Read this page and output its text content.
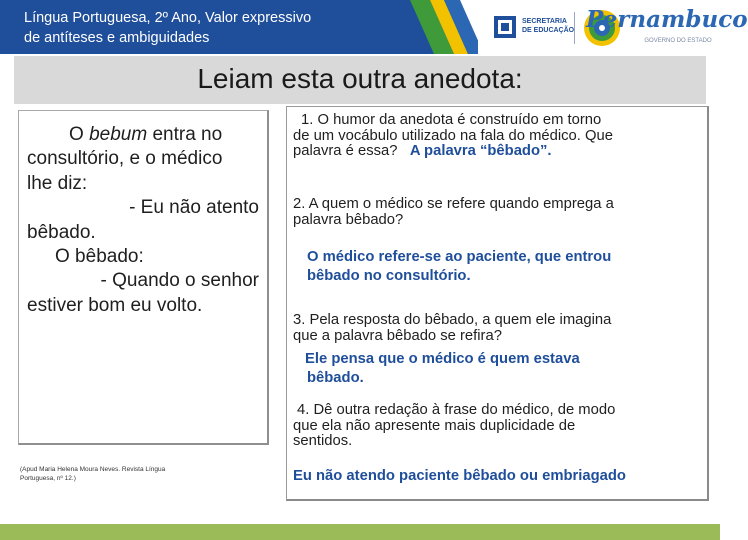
Língua Portuguesa, 2º Ano, Valor expressivo
de antíteses e ambiguidades
SECRETARIA
DE EDUCAÇÃO Pernambuco
GOVERNO DO ESTADO
Leiam esta outra anedota:
O bebum entra no
consultório, e o médico
lhe diz:
- Eu não atento
bêbado.
O bêbado:
- Quando o senhor
estiver bom eu volto.
(Apud Maria Helena Moura Neves. Revista Língua
Portuguesa, nº 12.)
1. O humor da anedota é construído em torno
de um vocábulo utilizado na fala do médico. Que
palavra é essa? A palavra “bêbado”.
2. A quem o médico se refere quando emprega a
palavra bêbado?
O médico refere-se ao paciente, que entrou
bêbado no consultório.
3. Pela resposta do bêbado, a quem ele imagina
que a palavra bêbado se refira?
Ele pensa que o médico é quem estava
bêbado.
4. Dê outra redação à frase do médico, de modo
que ela não apresente mais duplicidade de
sentidos.
Eu não atendo paciente bêbado ou embriagado
